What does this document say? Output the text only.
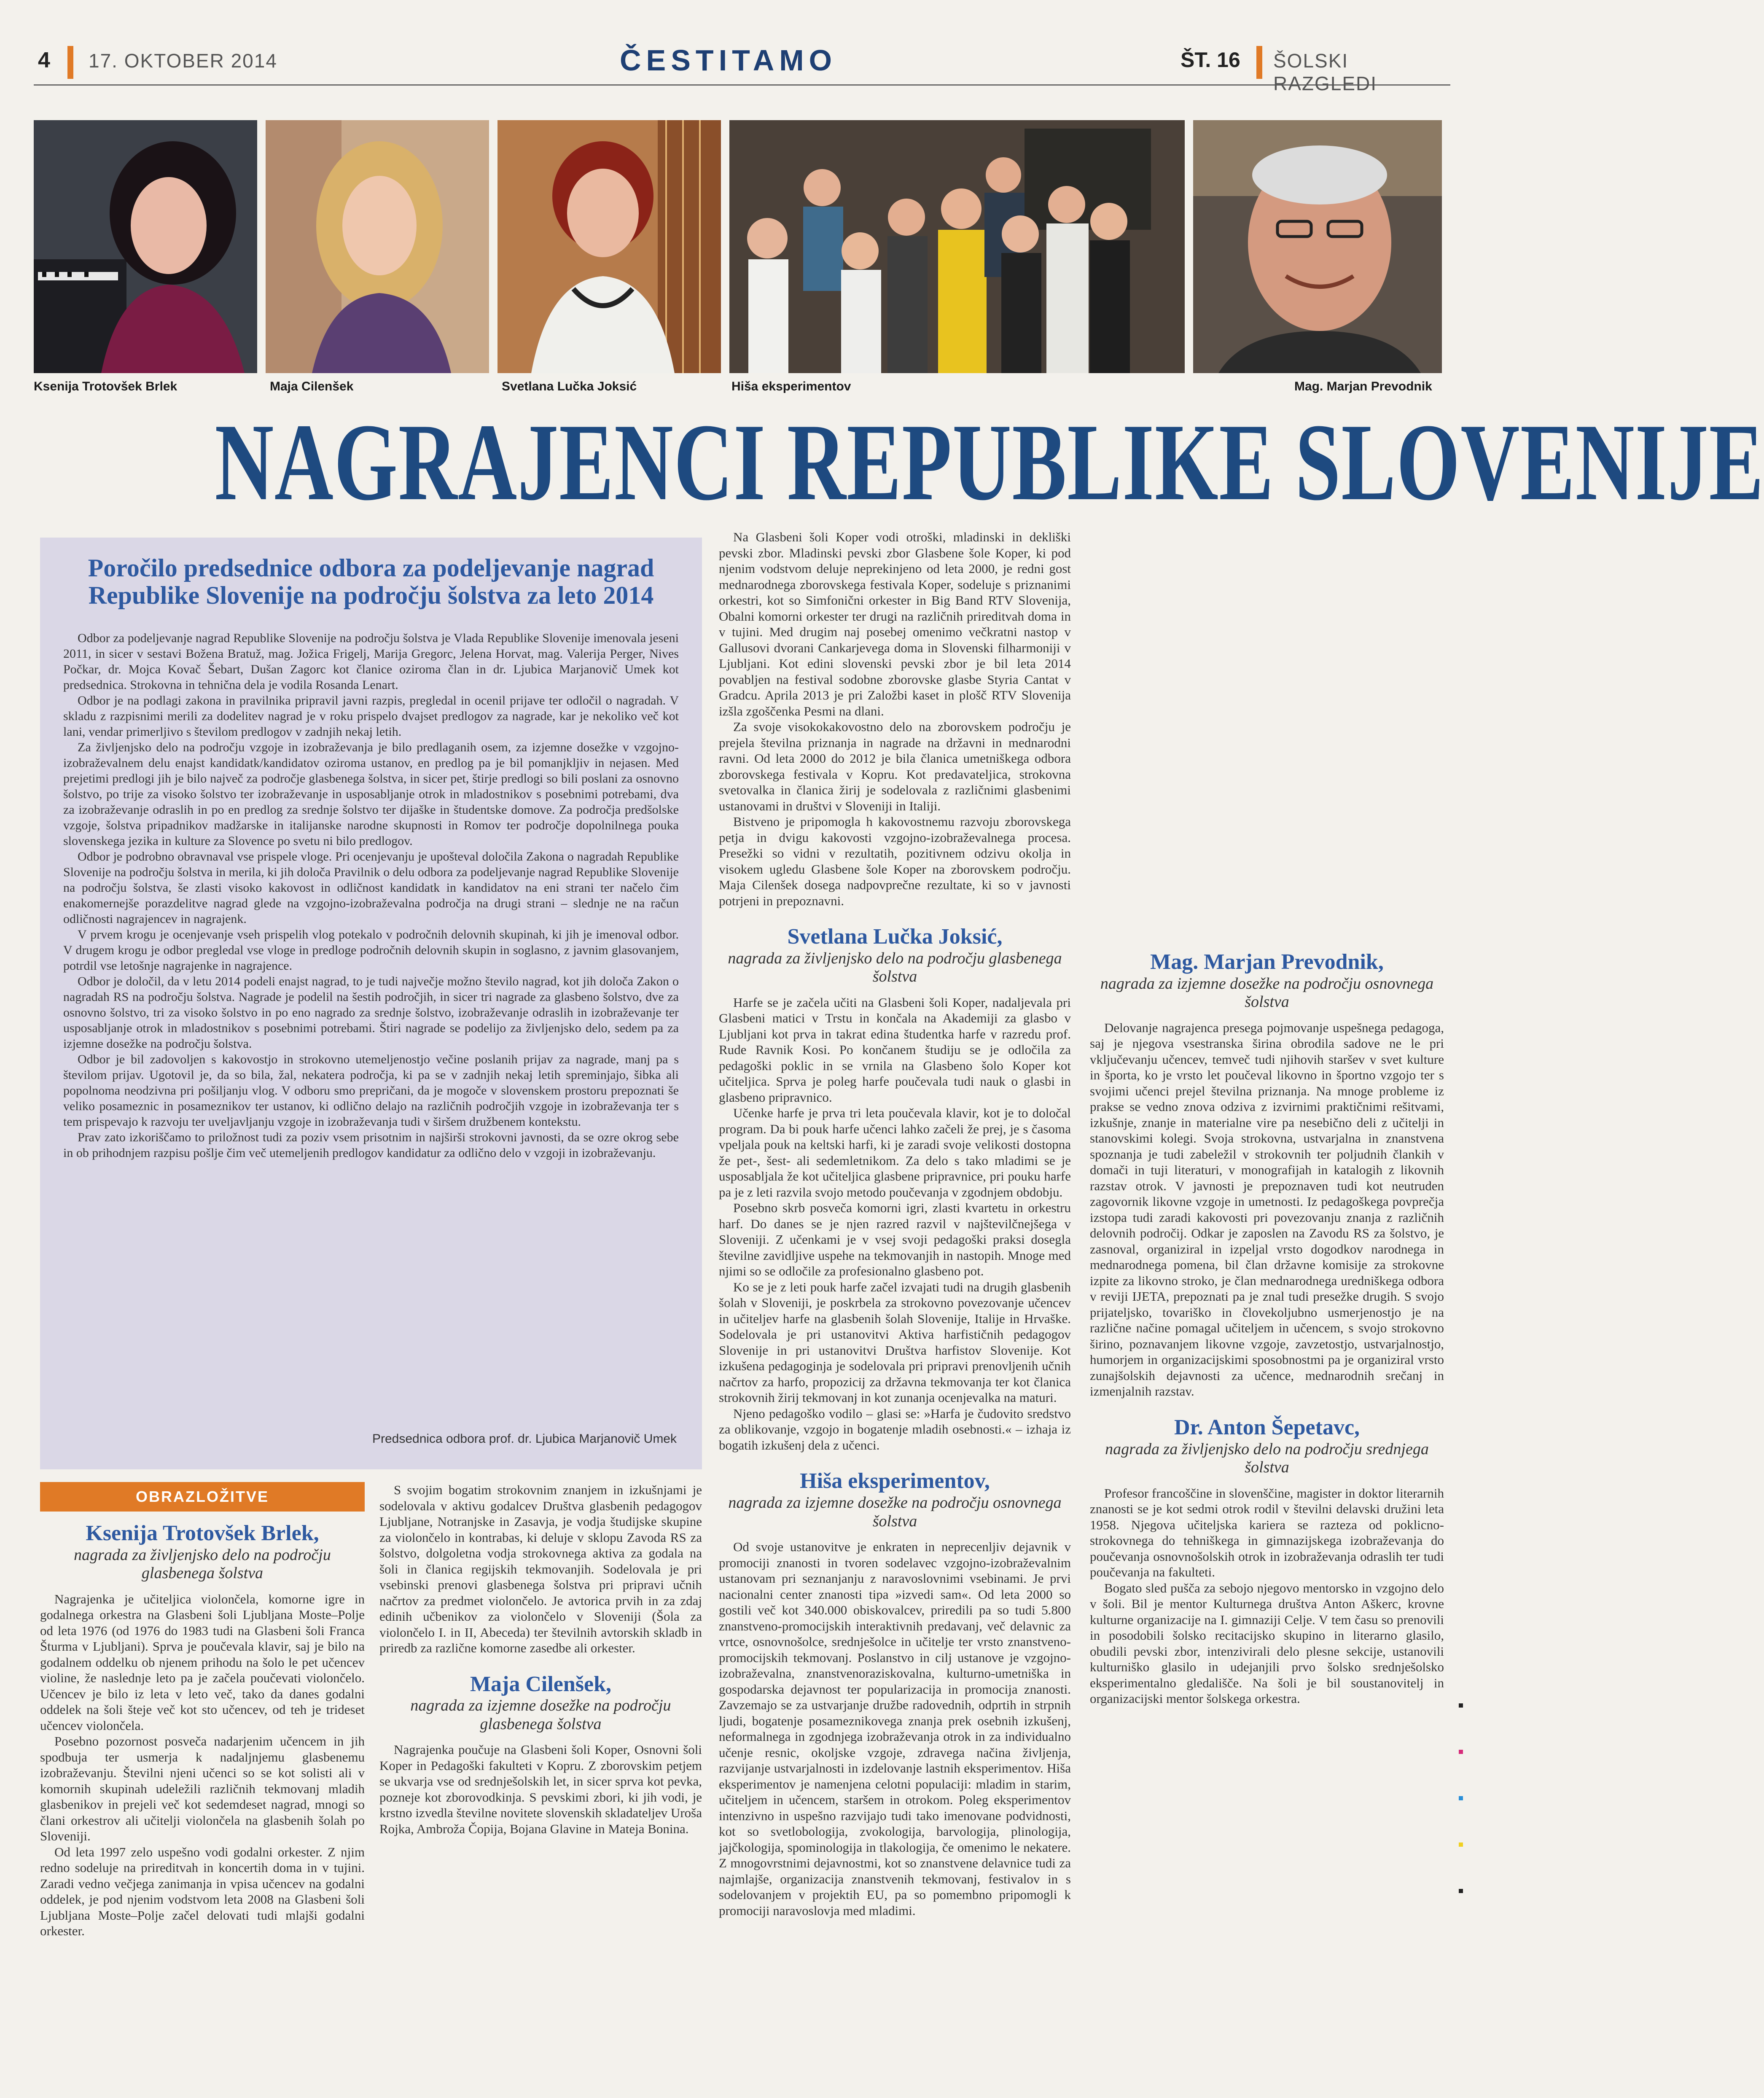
4 17. OKTOBER 2014	ČESTITAMO	ŠT. 16 ŠOLSKI RAZGLEDI
Ksenija Trotovšek Brlek	Maja Cilenšek	Svetlana Lučka Joksić	Hiša eksperimentov	Mag. Marjan Prevodnik
NAGRAJENCI REPUBLIKE SLOVENIJE
Poročilo predsednice odbora za podeljevanje nagrad Republike Slovenije na področju šolstva za leto 2014

Odbor za podeljevanje nagrad Republike Slovenije na področju šolstva je Vlada Republike Slovenije imenovala jeseni 2011, in sicer v sestavi Božena Bratuž, mag. Jožica Frigelj, Marija Gregorc, Jelena Horvat, mag. Valerija Perger, Nives Počkar, dr. Mojca Kovač Šebart, Dušan Zagorc kot članice oziroma član in dr. Ljubica Marjanovič Umek kot predsednica. Strokovna in tehnična dela je vodila Rosanda Lenart.

Odbor je na podlagi zakona in pravilnika pripravil javni razpis, pregledal in ocenil prijave ter odločil o nagradah. V skladu z razpisnimi merili za dodelitev nagrad je v roku prispelo dvajset predlogov za nagrade, kar je nekoliko več kot lani, vendar primerljivo s številom predlogov v zadnjih nekaj letih.

Za življenjsko delo na področju vzgoje in izobraževanja je bilo predlaganih osem, za izjemne dosežke v vzgojno-izobraževalnem delu enajst kandidatk/kandidatov oziroma ustanov, en predlog pa je bil pomanjkljiv in nejasen. Med prejetimi predlogi jih je bilo največ za področje glasbenega šolstva, in sicer pet, štirje predlogi so bili poslani za osnovno šolstvo, po trije za visoko šolstvo ter izobraževanje in usposabljanje otrok in mladostnikov s posebnimi potrebami, dva za izobraževanje odraslih in po en predlog za srednje šolstvo ter dijaške in študentske domove. Za področja predšolske vzgoje, šolstva pripadnikov madžarske in italijanske narodne skupnosti in Romov ter področje dopolnilnega pouka slovenskega jezika in kulture za Slovence po svetu ni bilo predlogov.

Odbor je podrobno obravnaval vse prispele vloge. Pri ocenjevanju je upošteval določila Zakona o nagradah Republike Slovenije na področju šolstva in merila, ki jih določa Pravilnik o delu odbora za podeljevanje nagrad Republike Slovenije na področju šolstva, še zlasti visoko kakovost in odličnost kandidatk in kandidatov na eni strani ter načelo čim enakomernejše porazdelitve nagrad glede na vzgojno-izobraževalna področja na drugi strani – slednje ne na račun odličnosti nagrajencev in nagrajenk.

V prvem krogu je ocenjevanje vseh prispelih vlog potekalo v področnih delovnih skupinah, ki jih je imenoval odbor. V drugem krogu je odbor pregledal vse vloge in predloge področnih delovnih skupin in soglasno, z javnim glasovanjem, potrdil vse letošnje nagrajenke in nagrajence.

Odbor je določil, da v letu 2014 podeli enajst nagrad, to je tudi največje možno število nagrad, kot jih določa Zakon o nagradah RS na področju šolstva. Nagrade je podelil na šestih področjih, in sicer tri nagrade za glasbeno šolstvo, dve za osnovno šolstvo, tri za visoko šolstvo in po eno nagrado za srednje šolstvo, izobraževanje odraslih in izobraževanje ter usposabljanje otrok in mladostnikov s posebnimi potrebami. Štiri nagrade se podelijo za življenjsko delo, sedem pa za izjemne dosežke na področju šolstva.

Odbor je bil zadovoljen s kakovostjo in strokovno utemeljenostjo večine poslanih prijav za nagrade, manj pa s številom prijav. Ugotovil je, da so bila, žal, nekatera področja, ki pa se v zadnjih nekaj letih spreminjajo, šibka ali popolnoma neodzivna pri pošiljanju vlog. V odboru smo prepričani, da je mogoče v slovenskem prostoru prepoznati še veliko posameznic in posameznikov ter ustanov, ki odlično delajo na različnih področjih vzgoje in izobraževanja ter s tem prispevajo k razvoju ter uveljavljanju vzgoje in izobraževanja tudi v širšem družbenem kontekstu.

Prav zato izkoriščamo to priložnost tudi za poziv vsem prisotnim in najširši strokovni javnosti, da se ozre okrog sebe in ob prihodnjem razpisu pošlje čim več utemeljenih predlogov kandidatur za odlično delo v vzgoji in izobraževanju.

Predsednica odbora prof. dr. Ljubica Marjanovič Umek
OBRAZLOŽITVE
Ksenija Trotovšek Brlek,
nagrada za življenjsko delo na področju glasbenega šolstva

Nagrajenka je učiteljica violončela, komorne igre in godalnega orkestra na Glasbeni šoli Ljubljana Moste–Polje od leta 1976 (od 1976 do 1983 tudi na Glasbeni šoli Franca Šturma v Ljubljani). Sprva je poučevala klavir, saj je bilo na godalnem oddelku ob njenem prihodu na šolo le pet učencev violine, že naslednje leto pa je začela poučevati violončelo. Učencev je bilo iz leta v leto več, tako da danes godalni oddelek na šoli šteje več kot sto učencev, od teh je trideset učencev violončela.

Posebno pozornost posveča nadarjenim učencem in jih spodbuja ter usmerja k nadaljnjemu glasbenemu izobraževanju. Številni njeni učenci so se kot solisti ali v komornih skupinah udeležili različnih tekmovanj mladih glasbenikov in prejeli več kot sedemdeset nagrad, mnogi so člani orkestrov ali učitelji violončela na glasbenih šolah po Sloveniji.

Od leta 1997 zelo uspešno vodi godalni orkester. Z njim redno sodeluje na prireditvah in koncertih doma in v tujini. Zaradi vedno večjega zanimanja in vpisa učencev na godalni oddelek, je pod njenim vodstvom leta 2008 na Glasbeni šoli Ljubljana Moste–Polje začel delovati tudi mlajši godalni orkester.

S svojim bogatim strokovnim znanjem in izkušnjami je sodelovala v aktivu godalcev Društva glasbenih pedagogov Ljubljane, Notranjske in Zasavja, je vodja študijske skupine za violončelo in kontrabas, ki deluje v sklopu Zavoda RS za šolstvo, dolgoletna vodja strokovnega aktiva za godala na šoli in članica regijskih tekmovanjih. Sodelovala je pri vsebinski prenovi glasbenega šolstva pri pripravi učnih načrtov za predmet violončelo. Je avtorica prvih in za zdaj edinih učbenikov za violončelo v Sloveniji (Šola za violončelo I. in II, Abeceda) ter številnih avtorskih skladb in priredb za različne komorne zasedbe ali orkester.

Maja Cilenšek,
nagrada za izjemne dosežke na področju glasbenega šolstva

Nagrajenka poučuje na Glasbeni šoli Koper, Osnovni šoli Koper in Pedagoški fakulteti v Kopru. Z zborovskim petjem se ukvarja vse od srednješolskih let, in sicer sprva kot pevka, pozneje kot zborovodkinja. S pevskimi zbori, ki jih vodi, je krstno izvedla številne novitete slovenskih skladateljev Uroša Rojka, Ambroža Čopija, Bojana Glavine in Mateja Bonina.

Na Glasbeni šoli Koper vodi otroški, mladinski in dekliški pevski zbor. Mladinski pevski zbor Glasbene šole Koper, ki pod njenim vodstvom deluje neprekinjeno od leta 2000, je redni gost mednarodnega zborovskega festivala Koper, sodeluje s priznanimi orkestri, kot so Simfonični orkester in Big Band RTV Slovenija, Obalni komorni orkester ter drugi na različnih prireditvah doma in v tujini. Med drugim naj posebej omenimo večkratni nastop v Gallusovi dvorani Cankarjevega doma in Slovenski filharmoniji v Ljubljani. Kot edini slovenski pevski zbor je bil leta 2014 povabljen na festival sodobne zborovske glasbe Styria Cantat v Gradcu. Aprila 2013 je pri Založbi kaset in plošč RTV Slovenija izšla zgoščenka Pesmi na dlani.

Za svoje visokokakovostno delo na zborovskem področju je prejela številna priznanja in nagrade na državni in mednarodni ravni. Od leta 2000 do 2012 je bila članica umetniškega odbora zborovskega festivala v Kopru. Kot predavateljica, strokovna svetovalka in članica žirij je sodelovala z različnimi glasbenimi ustanovami in društvi v Sloveniji in Italiji.

Bistveno je pripomogla h kakovostnemu razvoju zborovskega petja in dvigu kakovosti vzgojno-izobraževalnega procesa. Presežki so vidni v rezultatih, pozitivnem odzivu okolja in visokem ugledu Glasbene šole Koper na zborovskem področju. Maja Cilenšek dosega nadpovprečne rezultate, ki so v javnosti potrjeni in prepoznavni.

Svetlana Lučka Joksić,
nagrada za življenjsko delo na področju glasbenega šolstva

Harfe se je začela učiti na Glasbeni šoli Koper, nadaljevala pri Glasbeni matici v Trstu in končala na Akademiji za glasbo v Ljubljani kot prva in takrat edina študentka harfe v razredu prof. Rude Ravnik Kosi. Po končanem študiju se je odločila za pedagoški poklic in se vrnila na Glasbeno šolo Koper kot učiteljica. Sprva je poleg harfe poučevala tudi nauk o glasbi in glasbeno pripravnico.

Učenke harfe je prva tri leta poučevala klavir, kot je to določal program. Da bi pouk harfe učenci lahko začeli že prej, je s časoma vpeljala pouk na keltski harfi, ki je zaradi svoje velikosti dostopna že pet-, šest- ali sedemletnikom. Za delo s tako mladimi se je usposabljala že kot učiteljica glasbene pripravnice, pri pouku harfe pa je z leti razvila svojo metodo poučevanja v zgodnjem obdobju.

Posebno skrb posveča komorni igri, zlasti kvartetu in orkestru harf. Do danes se je njen razred razvil v najštevilčnejšega v Sloveniji. Z učenkami je v vsej svoji pedagoški praksi dosegla številne zavidljive uspehe na tekmovanjih in nastopih. Mnoge med njimi so se odločile za profesionalno glasbeno pot.

Ko se je z leti pouk harfe začel izvajati tudi na drugih glasbenih šolah v Sloveniji, je poskrbela za strokovno povezovanje učencev in učiteljev harfe na glasbenih šolah Slovenije, Italije in Hrvaške. Sodelovala je pri ustanovitvi Aktiva harfističnih pedagogov Slovenije in pri ustanovitvi Društva harfistov Slovenije. Kot izkušena pedagoginja je sodelovala pri pripravi prenovljenih učnih načrtov za harfo, propozicij za državna tekmovanja ter kot članica strokovnih žirij tekmovanj in kot zunanja ocenjevalka na maturi.

Njeno pedagoško vodilo – glasi se: »Harfa je čudovito sredstvo za oblikovanje, vzgojo in bogatenje mladih osebnosti.« – izhaja iz bogatih izkušenj dela z učenci.

Hiša eksperimentov,
nagrada za izjemne dosežke na področju osnovnega šolstva

Od svoje ustanovitve je enkraten in neprecenljiv dejavnik v promociji znanosti in tvoren sodelavec vzgojno-izobraževalnim ustanovam pri seznanjanju z naravoslovnimi vsebinami. Je prvi nacionalni center znanosti tipa »izvedi sam«. Od leta 2000 so gostili več kot 340.000 obiskovalcev, priredili pa so tudi 5.800 znanstveno-promocijskih interaktivnih predavanj, več delavnic za vrtce, osnovnošolce, srednješolce in učitelje ter vrsto znanstveno-promocijskih tekmovanj. Poslanstvo in cilj ustanove je vzgojno-izobraževalna, znanstvenoraziskovalna, kulturno-umetniška in gospodarska dejavnost ter popularizacija in promocija znanosti. Zavzemajo se za ustvarjanje družbe radovednih, odprtih in strpnih ljudi, bogatenje posameznikovega znanja prek osebnih izkušenj, neformalnega in zgodnjega izobraževanja otrok in za individualno učenje resnic, okoljske vzgoje, zdravega načina življenja, razvijanje ustvarjalnosti in izdelovanje lastnih eksperimentov. Hiša eksperimentov je namenjena celotni populaciji: mladim in starim, učiteljem in učencem, staršem in otrokom. Poleg eksperimentov intenzivno in uspešno razvijajo tudi tako imenovane podvidnosti, kot so svetlobologija, zvokologija, barvologija, plinologija, jajčkologija, spominologija in tlakologija, če omenimo le nekatere. Z mnogovrstnimi dejavnostmi, kot so znanstvene delavnice tudi za najmlajše, organizacija znanstvenih tekmovanj, festivalov in s sodelovanjem v projektih EU, pa so pomembno pripomogli k promociji naravoslovja med mladimi.

Mag. Marjan Prevodnik,
nagrada za izjemne dosežke na področju osnovnega šolstva

Delovanje nagrajenca presega pojmovanje uspešnega pedagoga, saj je njegova vsestranska širina obrodila sadove ne le pri vključevanju učencev, temveč tudi njihovih staršev v svet kulture in športa, ko je vrsto let poučeval likovno in športno vzgojo ter s svojimi učenci prejel številna priznanja. Na mnoge probleme iz prakse se vedno znova odziva z izvirnimi praktičnimi rešitvami, izkušnje, znanje in materialne vire pa nesebično deli z učitelji in stanovskimi kolegi. Svoja strokovna, ustvarjalna in znanstvena spoznanja je tudi zabeležil v strokovnih ter poljudnih člankih v domači in tuji literaturi, v monografijah in katalogih z likovnih razstav otrok. V javnosti je prepoznaven tudi kot neutruden zagovornik likovne vzgoje in umetnosti. Iz pedagoškega povprečja izstopa tudi zaradi kakovosti pri povezovanju znanja z različnih delovnih področij. Odkar je zaposlen na Zavodu RS za šolstvo, je zasnoval, organiziral in izpeljal vrsto dogodkov narodnega in mednarodnega pomena, bil član državne komisije za strokovne izpite za likovno stroko, je član mednarodnega uredniškega odbora v reviji IJETA, prepoznati pa je znal tudi presežke drugih. S svojo prijateljsko, tovariško in človekoljubno usmerjenostjo je na različne načine pomagal učiteljem in učencem, s svojo strokovno širino, poznavanjem likovne vzgoje, zavzetostjo, ustvarjalnostjo, humorjem in organizacijskimi sposobnostmi pa je organiziral vrsto zunajšolskih dejavnosti za učence, mednarodnih srečanj in izmenjalnih razstav.

Dr. Anton Šepetavc,
nagrada za življenjsko delo na področju srednjega šolstva

Profesor francoščine in slovenščine, magister in doktor literarnih znanosti se je kot sedmi otrok rodil v številni delavski družini leta 1958. Njegova učiteljska kariera se razteza od poklicno-strokovnega do tehniškega in gimnazijskega izobraževanja do poučevanja osnovnošolskih otrok in izobraževanja odraslih ter tudi poučevanja na fakulteti.

Bogato sled pušča za sebojo njegovo mentorsko in vzgojno delo v šoli. Bil je mentor Kulturnega društva Anton Aškerc, krovne kulturne organizacije na I. gimnaziji Celje. V tem času so prenovili in posodobili šolsko recitacijsko skupino in literarno glasilo, obudili pevski zbor, intenzivirali delo plesne sekcije, ustanovili kulturniško glasilo in udejanjili prvo šolsko srednješolsko eksperimentalno gledališče. Na šoli je bil soustanovitelj in organizacijski mentor šolskega orkestra.
